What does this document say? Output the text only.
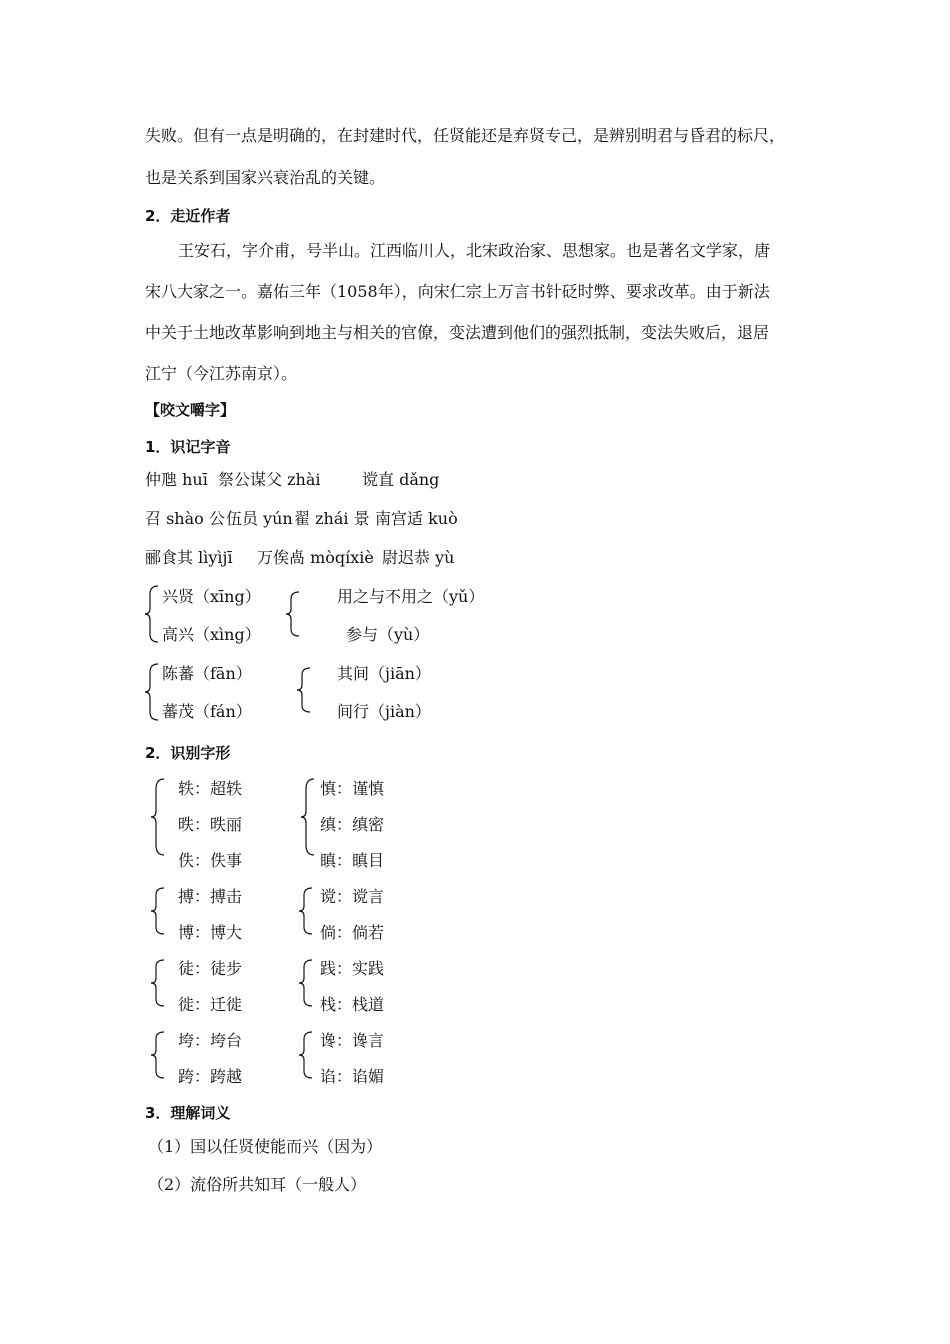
失败。但有一点是明确的，在封建时代，任贤能还是弃贤专己，是辨别明君与昏君的标尺，
也是关系到国家兴衰治乱的关键。
2．走近作者
王安石，字介甫，号半山。江西临川人，北宋政治家、思想家。也是著名文学家，唐
宋八大家之一。嘉佑三年（1058年），向宋仁宗上万言书针砭时弊、要求改革。由于新法
中关于土地改革影响到地主与相关的官僚，变法遭到他们的强烈抵制，变法失败后，退居
江宁（今江苏南京）。
【咬文嚼字】
1．识记字音
仲虺 huī 祭公谋父 zhài	谠直 dǎng
召 shào 公 伍员 yún 翟 zhái 景 南宫适 kuò
郦食其 lìyìjī 万俟卨 mòqíxiè 尉迟恭 yù
兴贤（xīng）
高兴（xìng）
用之与不用之（yǔ）
参与（yù）
陈蕃（fān）
蕃茂（fán）
其间（jiān）
间行（jiàn）
2．识别字形
轶：超轶
昳：昳丽
佚：佚事
慎：谨慎
缜：缜密
瞋：瞋目
搏：搏击
博：博大
谠：谠言
倘：倘若
徒：徒步
徙：迁徙
践：实践
栈：栈道
垮：垮台
跨：跨越
谗：谗言
谄：谄媚
3．理解词义
（1）国以任贤使能而兴（因为）
（2）流俗所共知耳（一般人）
